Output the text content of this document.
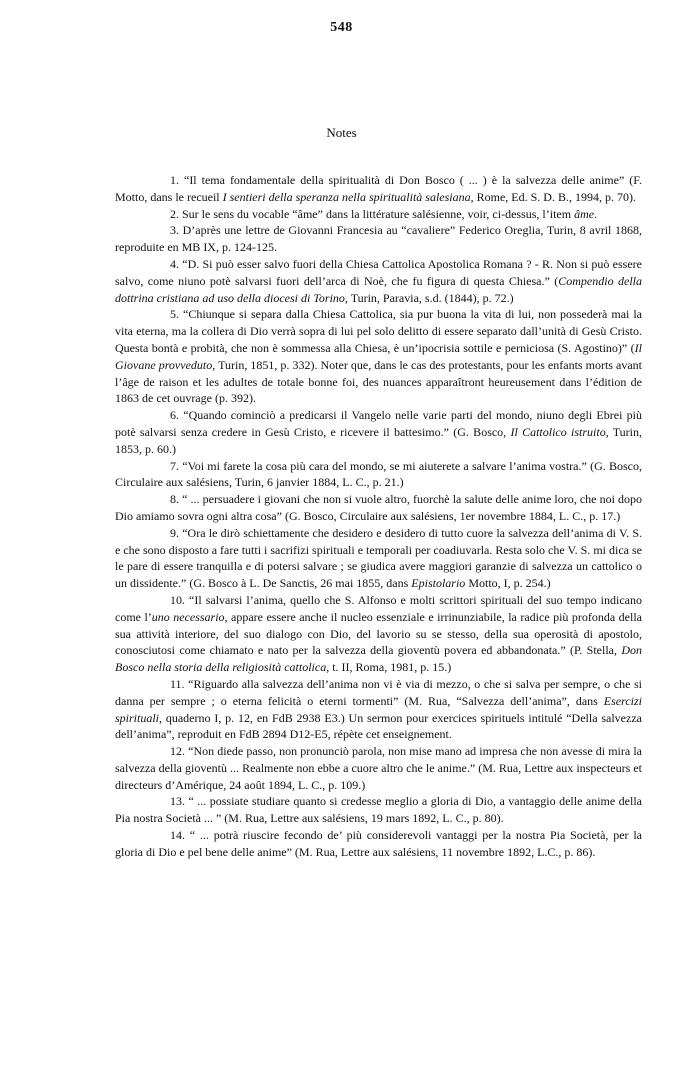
548
Notes

1. “Il tema fondamentale della spiritualità di Don Bosco ( ... ) è la salvezza delle anime” (F. Motto, dans le recueil I sentieri della speranza nella spiritualità salesiana, Rome, Ed. S. D. B., 1994, p. 70).

2. Sur le sens du vocable “âme” dans la littérature salésienne, voir, ci-dessus, l’item âme.

3. D’après une lettre de Giovanni Francesia au “cavaliere” Federico Oreglia, Turin, 8 avril 1868, reproduite en MB IX, p. 124-125.

4. “D. Si può esser salvo fuori della Chiesa Cattolica Apostolica Romana ? - R. Non si può essere salvo, come niuno potè salvarsi fuori dell’arca di Noè, che fu figura di questa Chiesa.” (Compendio della dottrina cristiana ad uso della diocesi di Torino, Turin, Paravia, s.d. (1844), p. 72.)

5. “Chiunque si separa dalla Chiesa Cattolica, sia pur buona la vita di lui, non possederà mai la vita eterna, ma la collera di Dio verrà sopra di lui pel solo delitto di essere separato dall’unità di Gesù Cristo. Questa bontà e probità, che non è sommessa alla Chiesa, è un’ipocrisia sottile e perniciosa (S. Agostino)” (Il Giovane provveduto, Turin, 1851, p. 332). Noter que, dans le cas des protestants, pour les enfants morts avant l’âge de raison et les adultes de totale bonne foi, des nuances apparaîtront heureusement dans l’édition de 1863 de cet ouvrage (p. 392).

6. “Quando cominciò a predicarsi il Vangelo nelle varie parti del mondo, niuno degli Ebrei più potè salvarsi senza credere in Gesù Cristo, e ricevere il battesimo.” (G. Bosco, Il Cattolico istruito, Turin, 1853, p. 60.)

7. “Voi mi farete la cosa più cara del mondo, se mi aiuterete a salvare l’anima vostra.” (G. Bosco, Circulaire aux salésiens, Turin, 6 janvier 1884, L. C., p. 21.)

8. “ ... persuadere i giovani che non si vuole altro, fuorchè la salute delle anime loro, che noi dopo Dio amiamo sovra ogni altra cosa” (G. Bosco, Circulaire aux salésiens, 1er novembre 1884, L. C., p. 17.)

9. “Ora le dirò schiettamente che desidero e desidero di tutto cuore la salvezza dell’anima di V. S. e che sono disposto a fare tutti i sacrifizi spirituali e temporali per coadiuvarla. Resta solo che V. S. mi dica se le pare di essere tranquilla e di potersi salvare ; se giudica avere maggiori garanzie di salvezza un cattolico o un dissidente.” (G. Bosco à L. De Sanctis, 26 mai 1855, dans Epistolario Motto, I, p. 254.)

10. “Il salvarsi l’anima, quello che S. Alfonso e molti scrittori spirituali del suo tempo indicano come l’uno necessario, appare essere anche il nucleo essenziale e irrinunziabile, la radice più profonda della sua attività interiore, del suo dialogo con Dio, del lavorio su se stesso, della sua operosità di apostolo, conosciutosi come chiamato e nato per la salvezza della gioventù povera ed abbandonata.” (P. Stella, Don Bosco nella storia della religiosità cattolica, t. II, Roma, 1981, p. 15.)

11. “Riguardo alla salvezza dell’anima non vi è via di mezzo, o che si salva per sempre, o che si danna per sempre ; o eterna felicità o eterni tormenti” (M. Rua, “Salvezza dell’anima”, dans Esercizi spirituali, quaderno I, p. 12, en FdB 2938 E3.) Un sermon pour exercices spirituels intitulé “Della salvezza dell’anima”, reproduit en FdB 2894 D12-E5, répète cet enseignement.

12. “Non diede passo, non pronunciò parola, non mise mano ad impresa che non avesse di mira la salvezza della gioventù ... Realmente non ebbe a cuore altro che le anime.” (M. Rua, Lettre aux inspecteurs et directeurs d’Amérique, 24 août 1894, L. C., p. 109.)

13. “ ... possiate studiare quanto si credesse meglio a gloria di Dio, a vantaggio delle anime della Pia nostra Società ... ” (M. Rua, Lettre aux salésiens, 19 mars 1892, L. C., p. 80).

14. “ ... potrà riuscire fecondo de’ più considerevoli vantaggi per la nostra Pia Società, per la gloria di Dio e pel bene delle anime” (M. Rua, Lettre aux salésiens, 11 novembre 1892, L.C., p. 86).
